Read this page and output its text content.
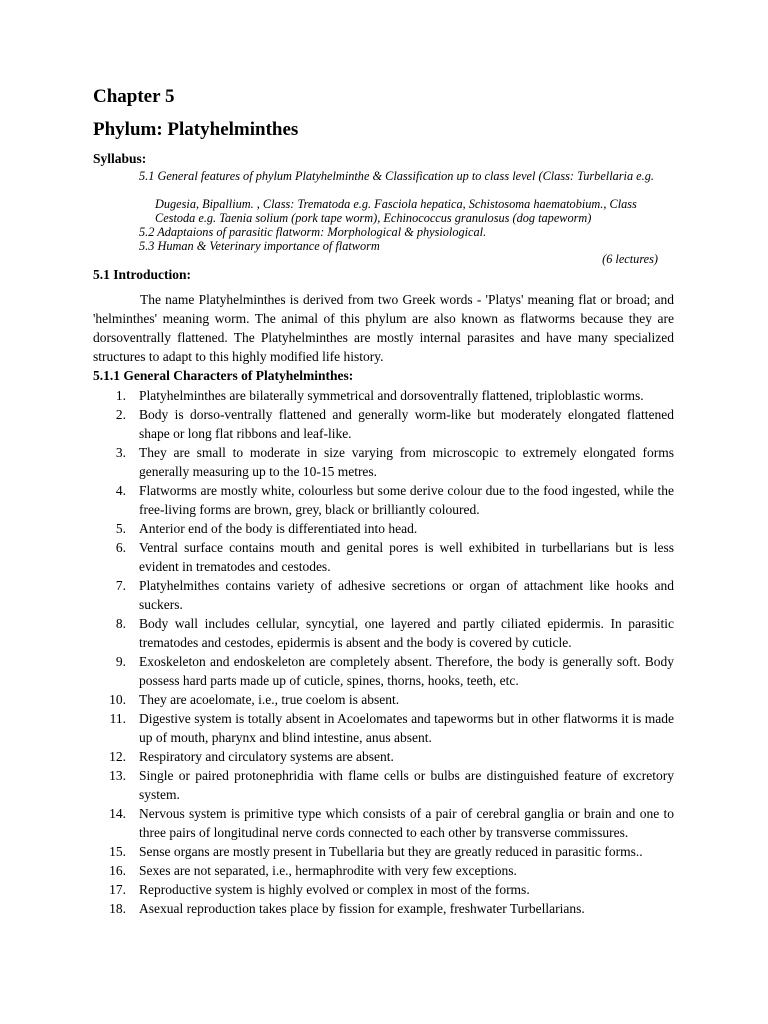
Chapter 5
Phylum: Platyhelminthes
Syllabus:
5.1 General features of phylum Platyhelminthe & Classification up to class level (Class: Turbellaria e.g.
Dugesia, Bipallium. , Class: Trematoda e.g. Fasciola hepatica, Schistosoma haematobium., Class Cestoda e.g. Taenia solium (pork tape worm), Echinococcus granulosus (dog tapeworm)
5.2 Adaptaions of parasitic flatworm: Morphological & physiological.
5.3 Human & Veterinary importance of flatworm
(6 lectures)
5.1 Introduction:

The name Platyhelminthes is derived from two Greek words - 'Platys' meaning flat or broad; and 'helminthes' meaning worm. The animal of this phylum are also known as flatworms because they are dorsoventrally flattened. The Platyhelminthes are mostly internal parasites and have many specialized structures to adapt to this highly modified life history.

5.1.1 General Characters of Platyhelminthes:
1. Platyhelminthes are bilaterally symmetrical and dorsoventrally flattened, triploblastic worms.
2. Body is dorso-ventrally flattened and generally worm-like but moderately elongated flattened shape or long flat ribbons and leaf-like.
3. They are small to moderate in size varying from microscopic to extremely elongated forms generally measuring up to the 10-15 metres.
4. Flatworms are mostly white, colourless but some derive colour due to the food ingested, while the free-living forms are brown, grey, black or brilliantly coloured.
5. Anterior end of the body is differentiated into head.
6. Ventral surface contains mouth and genital pores is well exhibited in turbellarians but is less evident in trematodes and cestodes.
7. Platyhelmithes contains variety of adhesive secretions or organ of attachment like hooks and suckers.
8. Body wall includes cellular, syncytial, one layered and partly ciliated epidermis. In parasitic trematodes and cestodes, epidermis is absent and the body is covered by cuticle.
9. Exoskeleton and endoskeleton are completely absent. Therefore, the body is generally soft. Body possess hard parts made up of cuticle, spines, thorns, hooks, teeth, etc.
10. They are acoelomate, i.e., true coelom is absent.
11. Digestive system is totally absent in Acoelomates and tapeworms but in other flatworms it is made up of mouth, pharynx and blind intestine, anus absent.
12. Respiratory and circulatory systems are absent.
13. Single or paired protonephridia with flame cells or bulbs are distinguished feature of excretory system.
14. Nervous system is primitive type which consists of a pair of cerebral ganglia or brain and one to three pairs of longitudinal nerve cords connected to each other by transverse commissures.
15. Sense organs are mostly present in Tubellaria but they are greatly reduced in parasitic forms..
16. Sexes are not separated, i.e., hermaphrodite with very few exceptions.
17. Reproductive system is highly evolved or complex in most of the forms.
18. Asexual reproduction takes place by fission for example, freshwater Turbellarians.
